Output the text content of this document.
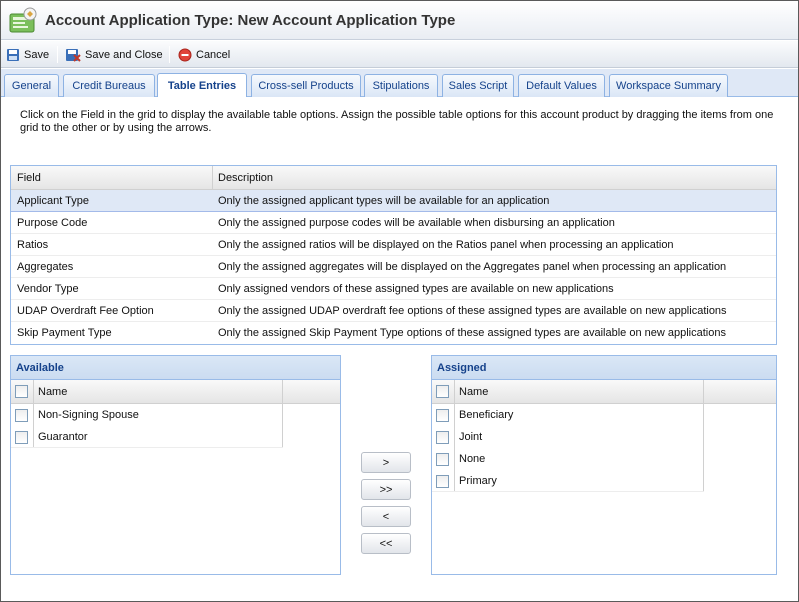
Account Application Type: New Account Application Type
Save	Save and Close	Cancel
General	Credit Bureaus	Table Entries	Cross-sell Products	Stipulations	Sales Script	Default Values	Workspace Summary
Click on the Field in the grid to display the available table options. Assign the possible table options for this account product by dragging the items from one grid to the other or by using the arrows.
Field	Description
Applicant Type	Only the assigned applicant types will be available for an application
Purpose Code	Only the assigned purpose codes will be available when disbursing an application
Ratios	Only the assigned ratios will be displayed on the Ratios panel when processing an application
Aggregates	Only the assigned aggregates will be displayed on the Aggregates panel when processing an application
Vendor Type	Only assigned vendors of these assigned types are available on new applications
UDAP Overdraft Fee Option	Only the assigned UDAP overdraft fee options of these assigned types are available on new applications
Skip Payment Type	Only the assigned Skip Payment Type options of these assigned types are available on new applications
Available
Name
Non-Signing Spouse
Guarantor
>
>>
<
<<
Assigned
Name
Beneficiary
Joint
None
Primary
